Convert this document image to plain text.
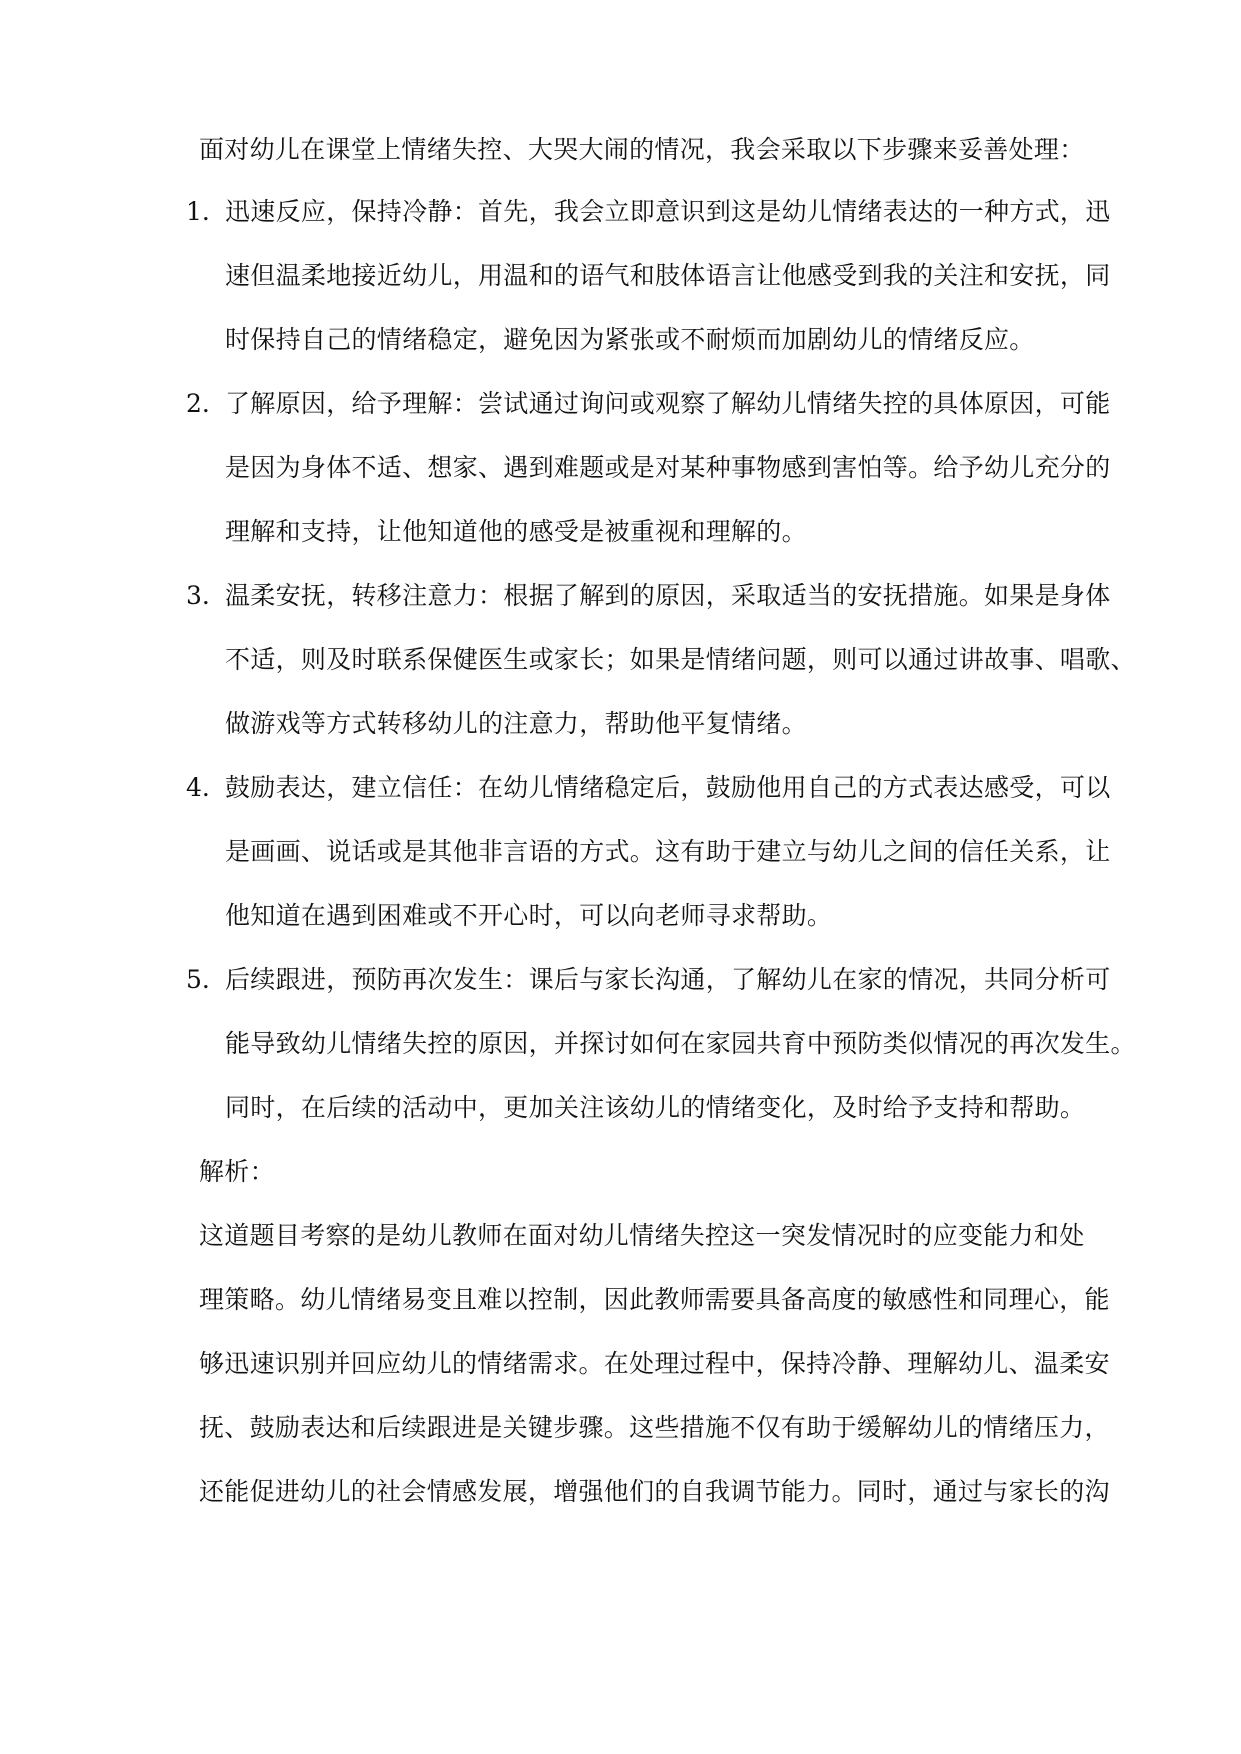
面对幼儿在课堂上情绪失控、大哭大闹的情况，我会采取以下步骤来妥善处理：
1. 迅速反应，保持冷静：首先，我会立即意识到这是幼儿情绪表达的一种方式，迅
速但温柔地接近幼儿，用温和的语气和肢体语言让他感受到我的关注和安抚，同
时保持自己的情绪稳定，避免因为紧张或不耐烦而加剧幼儿的情绪反应。
2. 了解原因，给予理解：尝试通过询问或观察了解幼儿情绪失控的具体原因，可能
是因为身体不适、想家、遇到难题或是对某种事物感到害怕等。给予幼儿充分的
理解和支持，让他知道他的感受是被重视和理解的。
3. 温柔安抚，转移注意力：根据了解到的原因，采取适当的安抚措施。如果是身体
不适，则及时联系保健医生或家长；如果是情绪问题，则可以通过讲故事、唱歌、
做游戏等方式转移幼儿的注意力，帮助他平复情绪。
4. 鼓励表达，建立信任：在幼儿情绪稳定后，鼓励他用自己的方式表达感受，可以
是画画、说话或是其他非言语的方式。这有助于建立与幼儿之间的信任关系，让
他知道在遇到困难或不开心时，可以向老师寻求帮助。
5. 后续跟进，预防再次发生：课后与家长沟通，了解幼儿在家的情况，共同分析可
能导致幼儿情绪失控的原因，并探讨如何在家园共育中预防类似情况的再次发生。
同时，在后续的活动中，更加关注该幼儿的情绪变化，及时给予支持和帮助。
解析：
这道题目考察的是幼儿教师在面对幼儿情绪失控这一突发情况时的应变能力和处
理策略。幼儿情绪易变且难以控制，因此教师需要具备高度的敏感性和同理心，能
够迅速识别并回应幼儿的情绪需求。在处理过程中，保持冷静、理解幼儿、温柔安
抚、鼓励表达和后续跟进是关键步骤。这些措施不仅有助于缓解幼儿的情绪压力，
还能促进幼儿的社会情感发展，增强他们的自我调节能力。同时，通过与家长的沟
